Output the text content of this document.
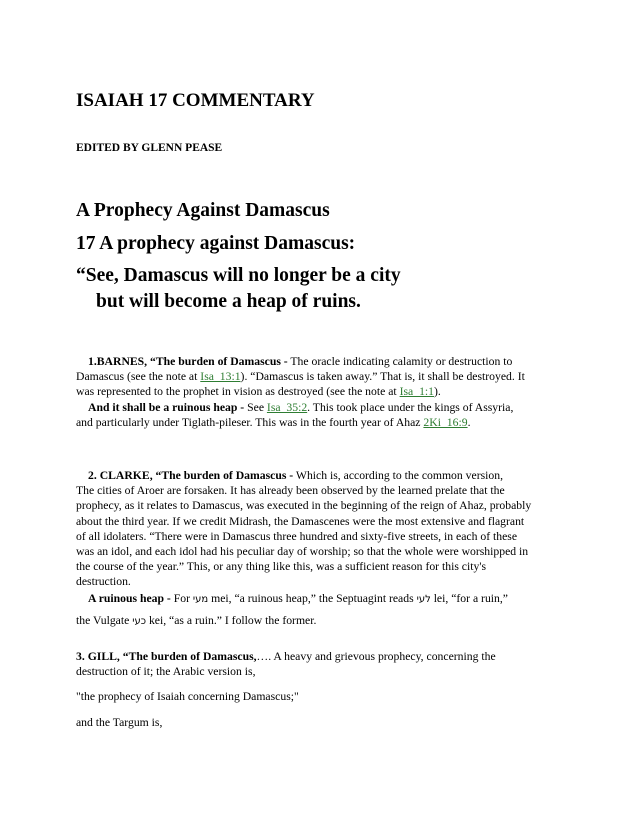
ISAIAH 17 COMMENTARY
EDITED BY GLENN PEASE
A Prophecy Against Damascus
17 A prophecy against Damascus:
“See, Damascus will no longer be a city
but will become a heap of ruins.

1.BARNES, “The burden of Damascus - The oracle indicating calamity or destruction to

Damascus (see the note at Isa_13:1). “Damascus is taken away.” That is, it shall be destroyed. It

was represented to the prophet in vision as destroyed (see the note at Isa_1:1).

And it shall be a ruinous heap - See Isa_35:2. This took place under the kings of Assyria,

and particularly under Tiglath-pileser. This was in the fourth year of Ahaz 2Ki_16:9.

2. CLARKE, “The burden of Damascus - Which is, according to the common version,

The cities of Aroer are forsaken. It has already been observed by the learned prelate that the

prophecy, as it relates to Damascus, was executed in the beginning of the reign of Ahaz, probably

about the third year. If we credit Midrash, the Damascenes were the most extensive and flagrant

of all idolaters. “There were in Damascus three hundred and sixty-five streets, in each of these

was an idol, and each idol had his peculiar day of worship; so that the whole were worshipped in

the course of the year.” This, or any thing like this, was a sufficient reason for this city's

destruction.

A ruinous heap - For מעי mei, “a ruinous heap,” the Septuagint reads לעי lei, “for a ruin,”

the Vulgate כעי kei, “as a ruin.” I follow the former.

3. GILL, “The burden of Damascus,…. A heavy and grievous prophecy, concerning the

destruction of it; the Arabic version is,

"the prophecy of Isaiah concerning Damascus;"

and the Targum is,
